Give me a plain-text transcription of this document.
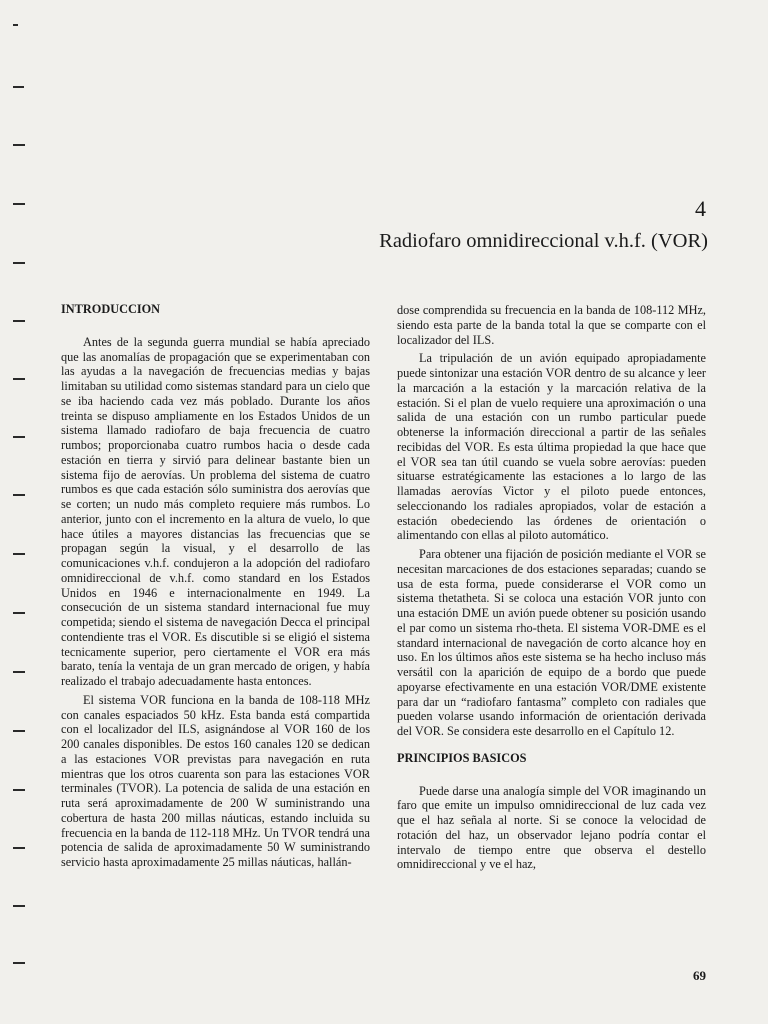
4
Radiofaro omnidireccional v.h.f. (VOR)
INTRODUCCION

Antes de la segunda guerra mundial se había apreciado que las anomalías de propagación que se experimentaban con las ayudas a la navegación de frecuencias medias y bajas limitaban su utilidad como sistemas standard para un cielo que se iba haciendo cada vez más poblado. Durante los años treinta se dispuso ampliamente en los Estados Unidos de un sistema llamado radiofaro de baja frecuencia de cuatro rumbos; proporcionaba cuatro rumbos hacia o desde cada estación en tierra y sirvió para delinear bastante bien un sistema fijo de aerovías. Un problema del sistema de cuatro rumbos es que cada estación sólo suministra dos aerovías que se corten; un nudo más completo requiere más rumbos. Lo anterior, junto con el incremento en la altura de vuelo, lo que hace útiles a mayores distancias las frecuencias que se propagan según la visual, y el desarrollo de las comunicaciones v.h.f. condujeron a la adopción del radiofaro omnidireccional de v.h.f. como standard en los Estados Unidos en 1946 e internacionalmente en 1949. La consecución de un sistema standard internacional fue muy competida; siendo el sistema de navegación Decca el principal contendiente tras el VOR. Es discutible si se eligió el sistema tecnicamente superior, pero ciertamente el VOR era más barato, tenía la ventaja de un gran mercado de origen, y había realizado el trabajo adecuadamente hasta entonces.

El sistema VOR funciona en la banda de 108-118 MHz con canales espaciados 50 kHz. Esta banda está compartida con el localizador del ILS, asignándose al VOR 160 de los 200 canales disponibles. De estos 160 canales 120 se dedican a las estaciones VOR previstas para navegación en ruta mientras que los otros cuarenta son para las estaciones VOR terminales (TVOR). La potencia de salida de una estación en ruta será aproximadamente de 200 W suministrando una cobertura de hasta 200 millas náuticas, estando incluida su frecuencia en la banda de 112-118 MHz. Un TVOR tendrá una potencia de salida de aproximadamente 50 W suministrando servicio hasta aproximadamente 25 millas náuticas, hallán-

dose comprendida su frecuencia en la banda de 108-112 MHz, siendo esta parte de la banda total la que se comparte con el localizador del ILS.

La tripulación de un avión equipado apropiadamente puede sintonizar una estación VOR dentro de su alcance y leer la marcación a la estación y la marcación relativa de la estación. Si el plan de vuelo requiere una aproximación o una salida de una estación con un rumbo particular puede obtenerse la información direccional a partir de las señales recibidas del VOR. Es esta última propiedad la que hace que el VOR sea tan útil cuando se vuela sobre aerovías: pueden situarse estratégicamente las estaciones a lo largo de las llamadas aerovías Victor y el piloto puede entonces, seleccionando los radiales apropiados, volar de estación a estación obedeciendo las órdenes de orientación o alimentando con ellas al piloto automático.

Para obtener una fijación de posición mediante el VOR se necesitan marcaciones de dos estaciones separadas; cuando se usa de esta forma, puede considerarse el VOR como un sistema thetatheta. Si se coloca una estación VOR junto con una estación DME un avión puede obtener su posición usando el par como un sistema rho-theta. El sistema VOR-DME es el standard internacional de navegación de corto alcance hoy en uso. En los últimos años este sistema se ha hecho incluso más versátil con la aparición de equipo de a bordo que puede apoyarse efectivamente en una estación VOR/DME existente para dar un “radiofaro fantasma” completo con radiales que pueden volarse usando información de orientación derivada del VOR. Se considera este desarrollo en el Capítulo 12.

PRINCIPIOS BASICOS

Puede darse una analogía simple del VOR imaginando un faro que emite un impulso omnidireccional de luz cada vez que el haz señala al norte. Si se conoce la velocidad de rotación del haz, un observador lejano podría contar el intervalo de tiempo entre que observa el destello omnidireccional y ve el haz,

69
